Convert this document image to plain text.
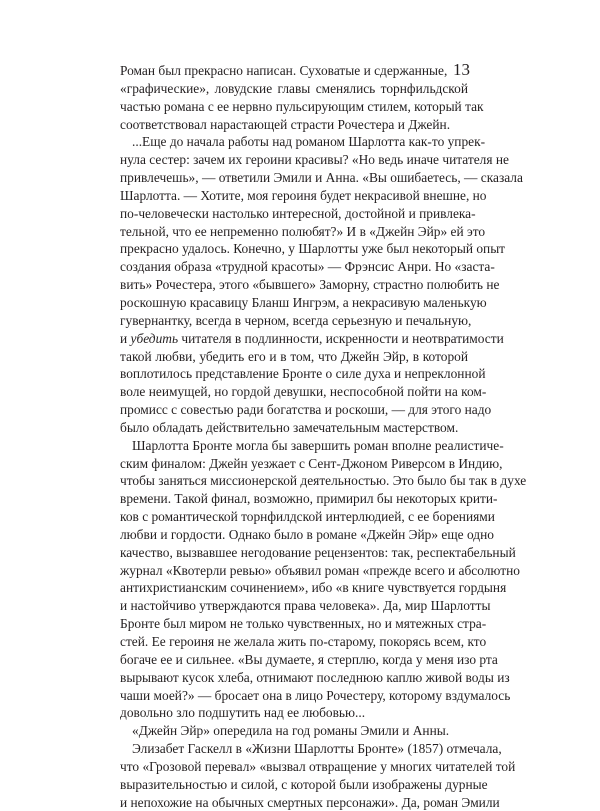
13
Роман был прекрасно написан. Суховатые и сдержанные,
«графические», ловудские главы сменялись торнфильдской
частью романа с ее нервно пульсирующим стилем, который так
соответствовал нарастающей страсти Рочестера и Джейн.
...Еще до начала работы над романом Шарлотта как-то упрек-
нула сестер: зачем их героини красивы? «Но ведь иначе читателя не
привлечешь», — ответили Эмили и Анна. «Вы ошибаетесь, — сказала
Шарлотта. — Хотите, моя героиня будет некрасивой внешне, но
по-человечески настолько интересной, достойной и привлека-
тельной, что ее непременно полюбят?» И в «Джейн Эйр» ей это
прекрасно удалось. Конечно, у Шарлотты уже был некоторый опыт
создания образа «трудной красоты» — Фрэнсис Анри. Но «заста-
вить» Рочестера, этого «бывшего» Заморну, страстно полюбить не
роскошную красавицу Бланш Ингрэм, а некрасивую маленькую
гувернантку, всегда в черном, всегда серьезную и печальную,
и убедить читателя в подлинности, искренности и неотвратимости
такой любви, убедить его и в том, что Джейн Эйр, в которой
воплотилось представление Бронте о силе духа и непреклонной
воле неимущей, но гордой девушки, неспособной пойти на ком-
промисс с совестью ради богатства и роскоши, — для этого надо
было обладать действительно замечательным мастерством.
Шарлотта Бронте могла бы завершить роман вполне реалистиче-
ским финалом: Джейн уезжает с Сент-Джоном Риверсом в Индию,
чтобы заняться миссионерской деятельностью. Это было бы так в духе
времени. Такой финал, возможно, примирил бы некоторых крити-
ков с романтической торнфилдской интерлюдией, с ее борениями
любви и гордости. Однако было в романе «Джейн Эйр» еще одно
качество, вызвавшее негодование рецензентов: так, респектабельный
журнал «Квотерли ревью» объявил роман «прежде всего и абсолютно
антихристианским сочинением», ибо «в книге чувствуется гордыня
и настойчиво утверждаются права человека». Да, мир Шарлотты
Бронте был миром не только чувственных, но и мятежных стра-
стей. Ее героиня не желала жить по-старому, покорясь всем, кто
богаче ее и сильнее. «Вы думаете, я стерплю, когда у меня изо рта
вырывают кусок хлеба, отнимают последнюю каплю живой воды из
чаши моей?» — бросает она в лицо Рочестеру, которому вздумалось
довольно зло подшутить над ее любовью...
«Джейн Эйр» опередила на год романы Эмили и Анны.
Элизабет Гаскелл в «Жизни Шарлотты Бронте» (1857) отмечала,
что «Грозовой перевал» «вызвал отвращение у многих читателей той
выразительностью и силой, с которой были изображены дурные
и непохожие на обычных смертных персонажи». Да, роман Эмили
